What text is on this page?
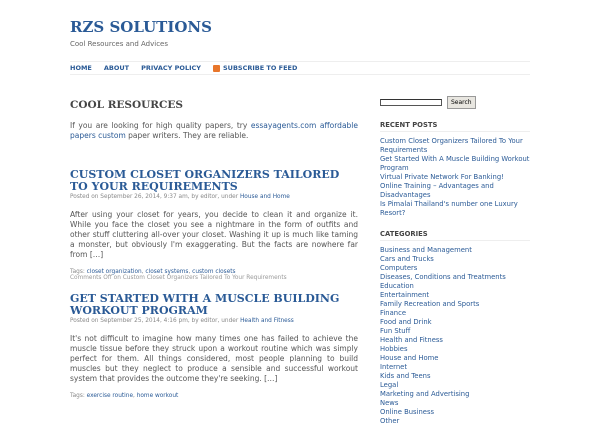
RZS SOLUTIONS
Cool Resources and Advices
HOME ABOUT PRIVACY POLICY	SUBSCRIBE TO FEED
COOL RESOURCES

If you are looking for high quality papers, try essayagents.com affordable papers custom paper writers. They are reliable.

CUSTOM CLOSET ORGANIZERS TAILORED TO YOUR REQUIREMENTS
Posted on September 26, 2014, 9:37 am, by editor, under House and Home

After using your closet for years, you decide to clean it and organize it. While you face the closet you see a nightmare in the form of outfits and other stuff cluttering all-over your closet. Washing it up is much like taming a monster, but obviously I'm exaggerating. But the facts are nowhere far from […]

Tags: closet organization, closet systems, custom closets
Comments Off on Custom Closet Organizers Tailored To Your Requirements
GET STARTED WITH A MUSCLE BUILDING WORKOUT PROGRAM
Posted on September 25, 2014, 4:16 pm, by editor, under Health and Fitness

It's not difficult to imagine how many times one has failed to achieve the muscle tissue before they struck upon a workout routine which was simply perfect for them. All things considered, most people planning to build muscles but they neglect to produce a sensible and successful workout system that provides the outcome they're seeking. […]

Tags: exercise routine, home workout
Search
RECENT POSTS
Custom Closet Organizers Tailored To Your Requirements
Get Started With A Muscle Building Workout Program
Virtual Private Network For Banking!
Online Training – Advantages and Disadvantages
Is Pimalai Thailand's number one Luxury Resort?
CATEGORIES
Business and Management
Cars and Trucks
Computers
Diseases, Conditions and Treatments
Education
Entertainment
Family Recreation and Sports
Finance
Food and Drink
Fun Stuff
Health and Fitness
Hobbies
House and Home
Internet
Kids and Teens
Legal
Marketing and Advertising
News
Online Business
Other
